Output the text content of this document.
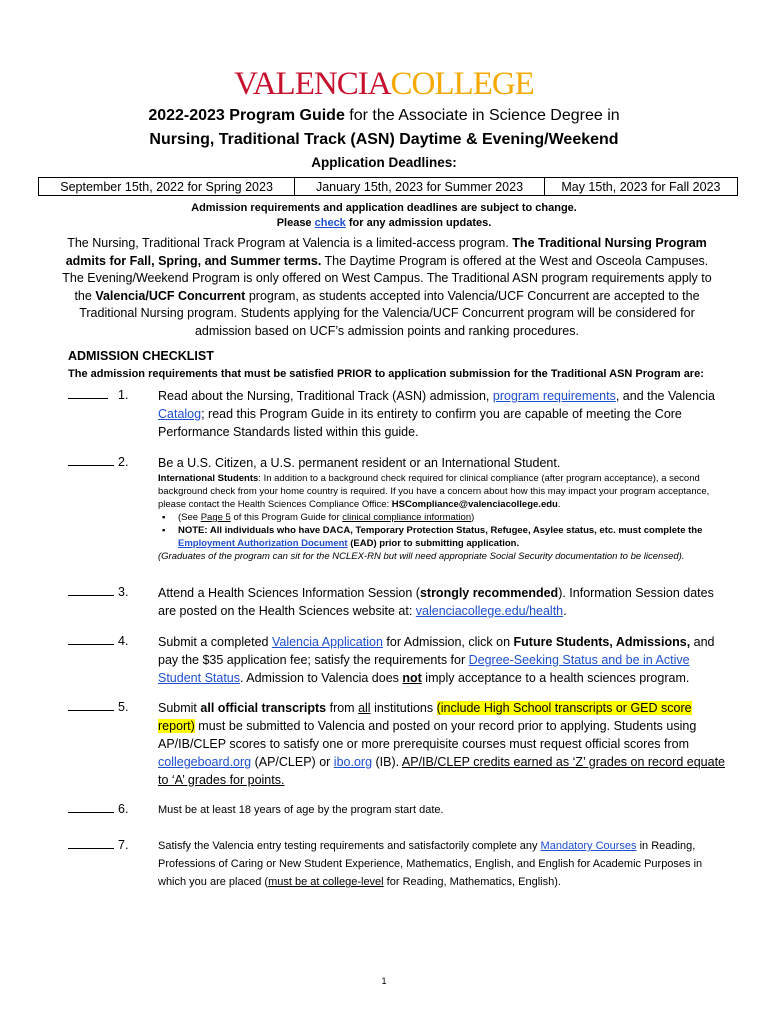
VALENCIACOLLEGE
2022-2023 Program Guide for the Associate in Science Degree in
Nursing, Traditional Track (ASN) Daytime & Evening/Weekend
Application Deadlines:
September 15th, 2022 for Spring 2023	January 15th, 2023 for Summer 2023	May 15th, 2023 for Fall 2023
Admission requirements and application deadlines are subject to change.
Please check for any admission updates.
The Nursing, Traditional Track Program at Valencia is a limited-access program. The Traditional Nursing Program admits for Fall, Spring, and Summer terms. The Daytime Program is offered at the West and Osceola Campuses. The Evening/Weekend Program is only offered on West Campus. The Traditional ASN program requirements apply to the Valencia/UCF Concurrent program, as students accepted into Valencia/UCF Concurrent are accepted to the Traditional Nursing program. Students applying for the Valencia/UCF Concurrent program will be considered for admission based on UCF’s admission points and ranking procedures.
ADMISSION CHECKLIST
The admission requirements that must be satisfied PRIOR to application submission for the Traditional ASN Program are:
1. Read about the Nursing, Traditional Track (ASN) admission, program requirements, and the Valencia Catalog; read this Program Guide in its entirety to confirm you are capable of meeting the Core Performance Standards listed within this guide.
2. Be a U.S. Citizen, a U.S. permanent resident or an International Student.
International Students: In addition to a background check required for clinical compliance (after program acceptance), a second background check from your home country is required. If you have a concern about how this may impact your program acceptance, please contact the Health Sciences Compliance Office: HSCompliance@valenciacollege.edu.
▪ (See Page 5 of this Program Guide for clinical compliance information)
▪ NOTE: All individuals who have DACA, Temporary Protection Status, Refugee, Asylee status, etc. must complete the Employment Authorization Document (EAD) prior to submitting application.
(Graduates of the program can sit for the NCLEX-RN but will need appropriate Social Security documentation to be licensed).
3. Attend a Health Sciences Information Session (strongly recommended). Information Session dates are posted on the Health Sciences website at: valenciacollege.edu/health.
4. Submit a completed Valencia Application for Admission, click on Future Students, Admissions, and pay the $35 application fee; satisfy the requirements for Degree-Seeking Status and be in Active Student Status. Admission to Valencia does not imply acceptance to a health sciences program.
5. Submit all official transcripts from all institutions (include High School transcripts or GED score report) must be submitted to Valencia and posted on your record prior to applying. Students using AP/IB/CLEP scores to satisfy one or more prerequisite courses must request official scores from collegeboard.org (AP/CLEP) or ibo.org (IB). AP/IB/CLEP credits earned as ‘Z’ grades on record equate to ‘A’ grades for points.
6.	Must be at least 18 years of age by the program start date.
7.	Satisfy the Valencia entry testing requirements and satisfactorily complete any Mandatory Courses in Reading, Professions of Caring or New Student Experience, Mathematics, English, and English for Academic Purposes in which you are placed (must be at college-level for Reading, Mathematics, English).
1
